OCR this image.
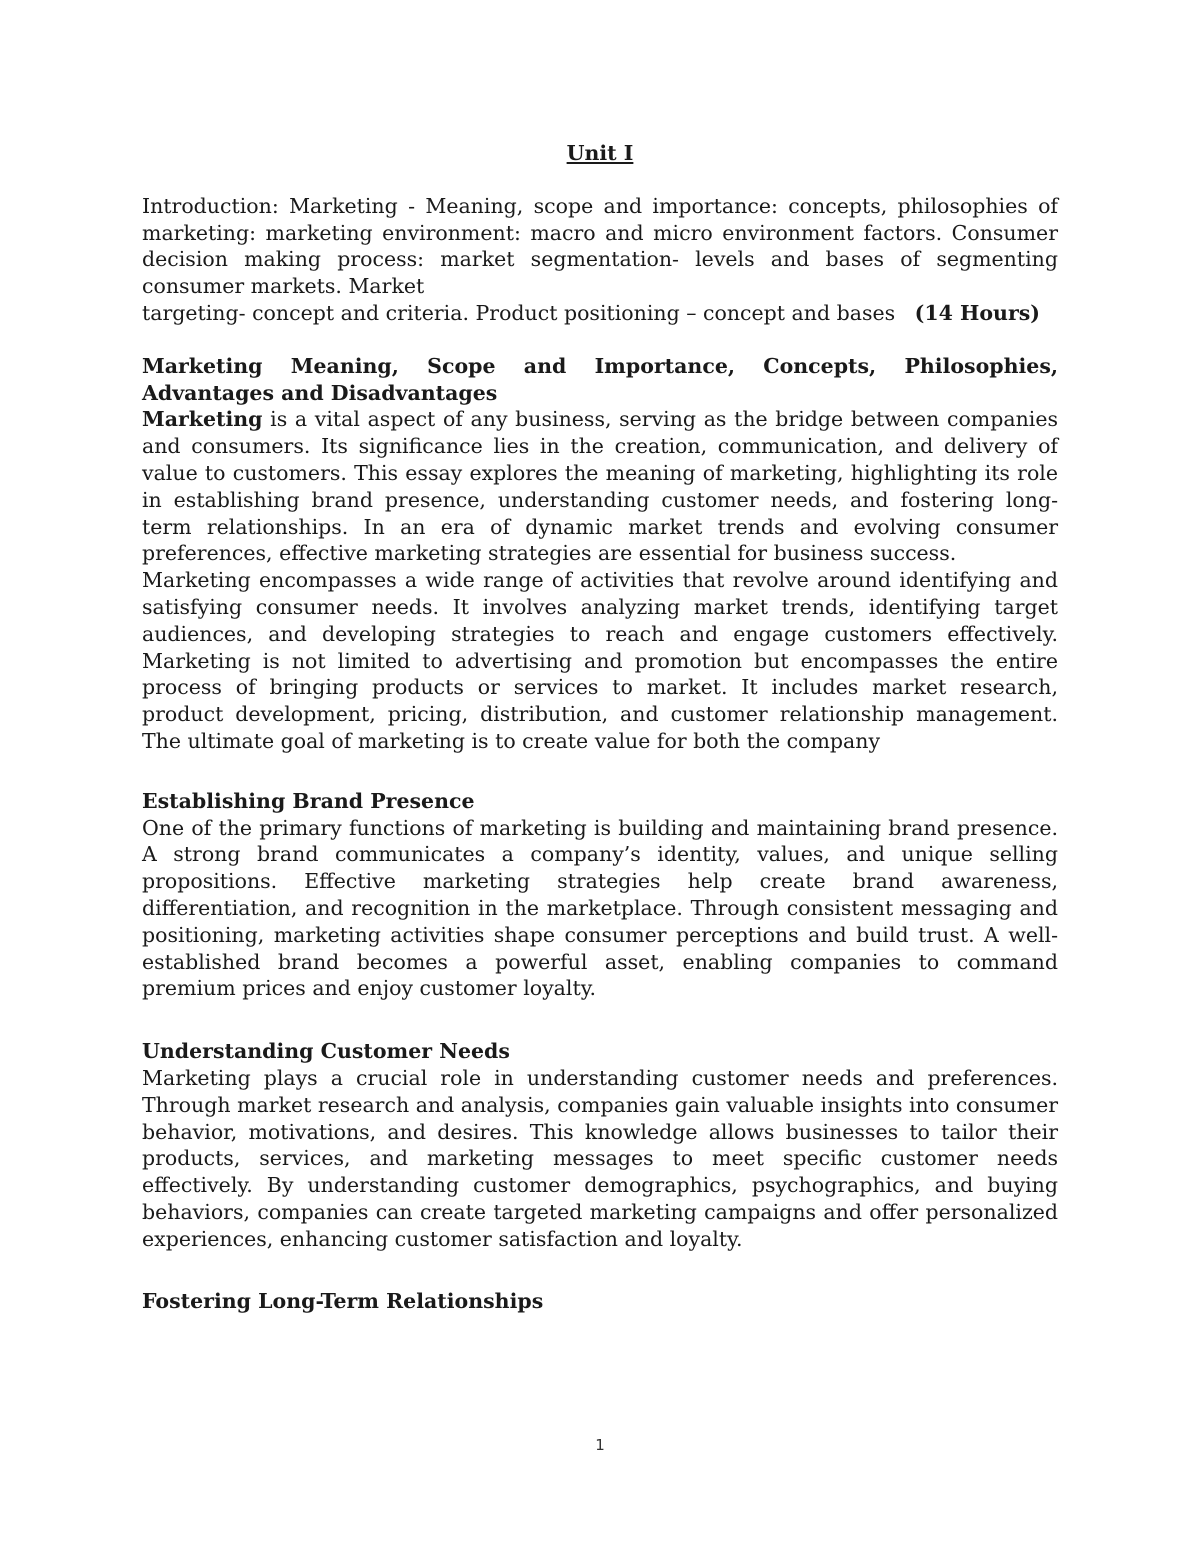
Unit I
Introduction: Marketing - Meaning, scope and importance: concepts, philosophies of marketing: marketing environment: macro and micro environment factors. Consumer decision making process: market segmentation- levels and bases of segmenting consumer markets. Market
targeting- concept and criteria. Product positioning – concept and bases (14 Hours)
Marketing Meaning, Scope and Importance, Concepts, Philosophies, Advantages and Disadvantages

Marketing is a vital aspect of any business, serving as the bridge between companies and consumers. Its significance lies in the creation, communication, and delivery of value to customers. This essay explores the meaning of marketing, highlighting its role in establishing brand presence, understanding customer needs, and fostering long-term relationships. In an era of dynamic market trends and evolving consumer preferences, effective marketing strategies are essential for business success.

Marketing encompasses a wide range of activities that revolve around identifying and satisfying consumer needs. It involves analyzing market trends, identifying target audiences, and developing strategies to reach and engage customers effectively. Marketing is not limited to advertising and promotion but encompasses the entire process of bringing products or services to market. It includes market research, product development, pricing, distribution, and customer relationship management. The ultimate goal of marketing is to create value for both the company

Establishing Brand Presence

One of the primary functions of marketing is building and maintaining brand presence. A strong brand communicates a company’s identity, values, and unique selling propositions. Effective marketing strategies help create brand awareness, differentiation, and recognition in the marketplace. Through consistent messaging and positioning, marketing activities shape consumer perceptions and build trust. A well-established brand becomes a powerful asset, enabling companies to command premium prices and enjoy customer loyalty.

Understanding Customer Needs

Marketing plays a crucial role in understanding customer needs and preferences. Through market research and analysis, companies gain valuable insights into consumer behavior, motivations, and desires. This knowledge allows businesses to tailor their products, services, and marketing messages to meet specific customer needs effectively. By understanding customer demographics, psychographics, and buying behaviors, companies can create targeted marketing campaigns and offer personalized experiences, enhancing customer satisfaction and loyalty.

Fostering Long-Term Relationships
1
